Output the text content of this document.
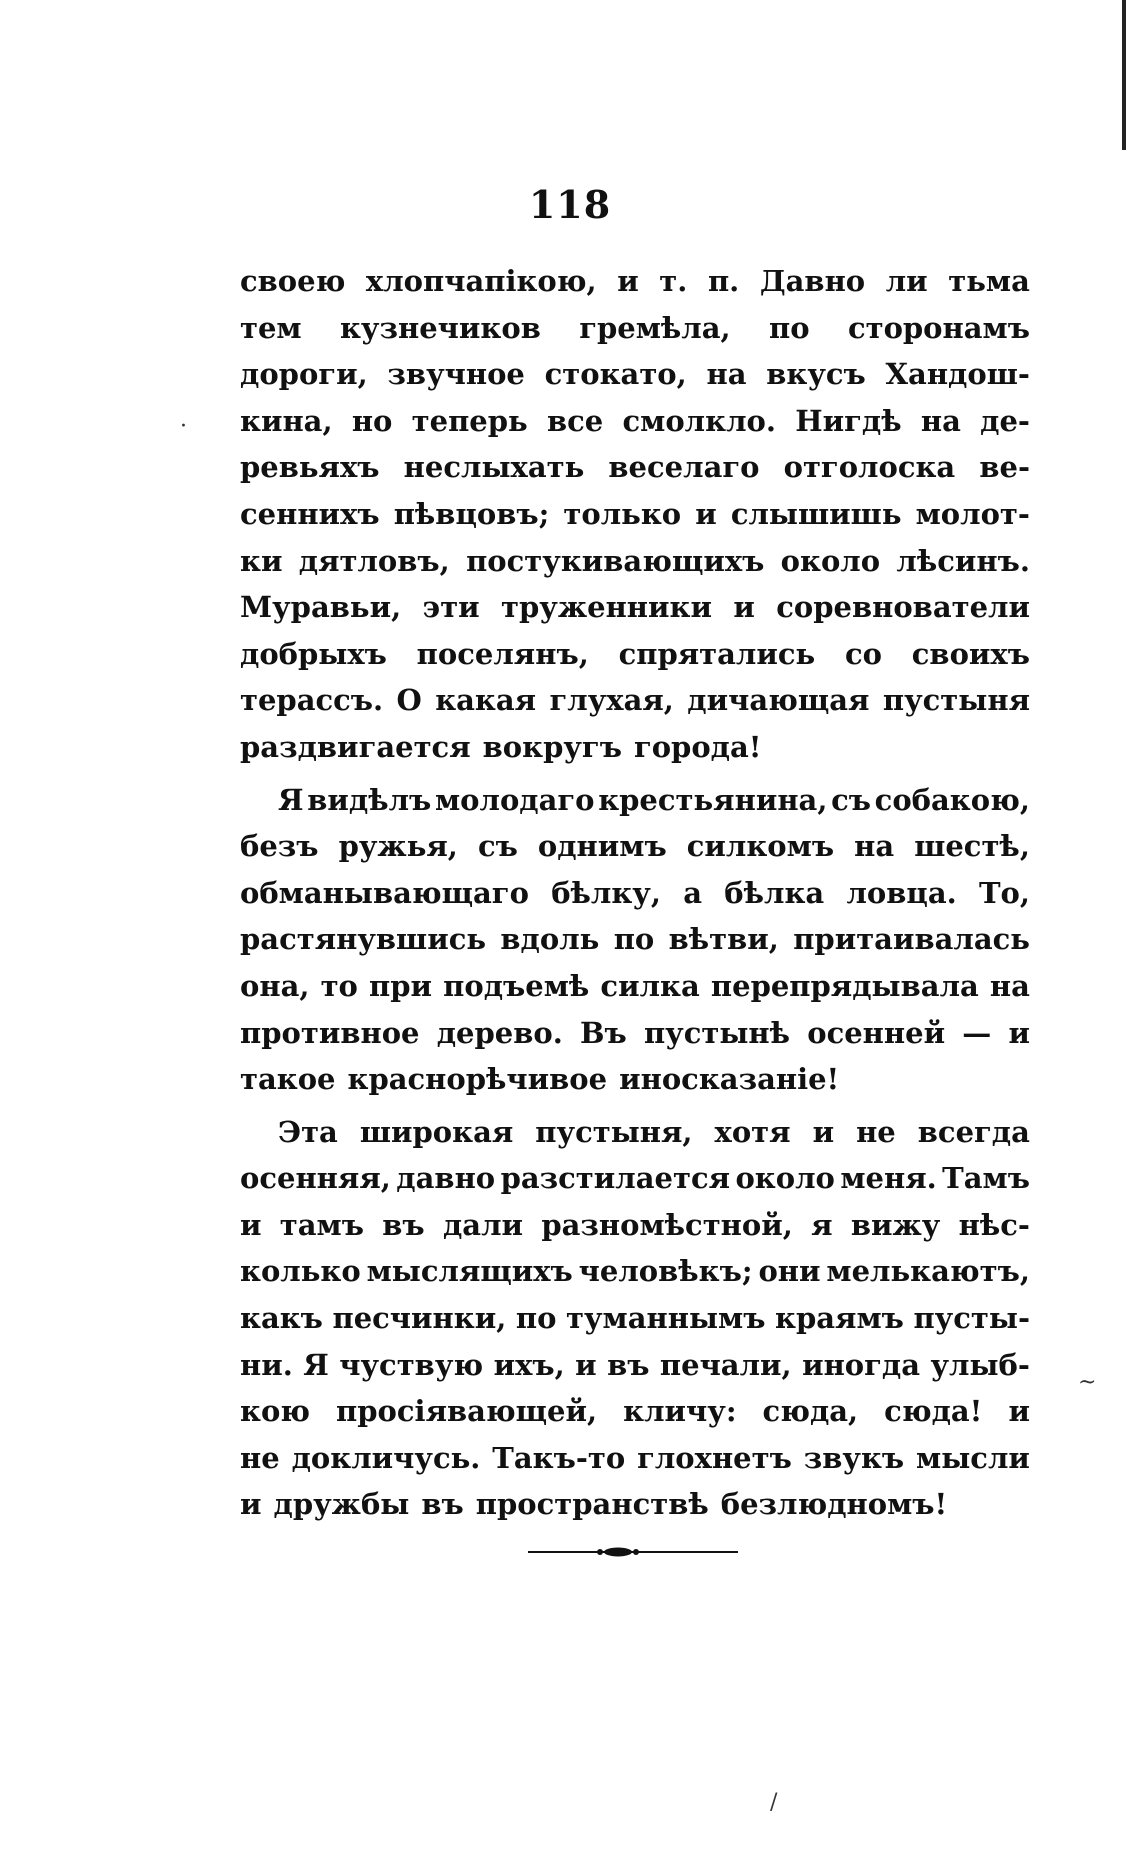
118
своею хлопчапікою, и т. п. Давно ли тьма
тем кузнечиков гремѣла, по сторонамъ
дороги, звучное стокато, на вкусъ Хандош-
кина, но теперь все смолкло. Нигдѣ на де-
ревьяхъ неслыхать веселаго отголоска ве-
сеннихъ пѣвцовъ; только и слышишь молот-
ки дятловъ, постукивающихъ около лѣсинъ.
Муравьи, эти труженники и соревнователи
добрыхъ поселянъ, спрятались со своихъ
терассъ. О какая глухая, дичающая пустыня
раздвигается вокругъ города!
Я видѣлъ молодаго крестьянина, съ собакою,
безъ ружья, съ однимъ силкомъ на шестѣ,
обманывающаго бѣлку, а бѣлка ловца. То,
растянувшись вдоль по вѣтви, притаивалась
она, то при подъемѣ силка перепрядывала на
противное дерево. Въ пустынѣ осенней — и
такое краснорѣчивое иносказаніе!
Эта широкая пустыня, хотя и не всегда
осенняя, давно разстилается около меня. Тамъ
и тамъ въ дали разномѣстной, я вижу нѣс-
колько мыслящихъ человѣкъ; они мелькаютъ,
какъ песчинки, по туманнымъ краямъ пусты-
ни. Я чуствую ихъ, и въ печали, иногда улыб-
кою просіявающей, кличу: сюда, сюда! и
не докличусь. Такъ-то глохнетъ звукъ мысли
и дружбы въ пространствѣ безлюдномъ!
·
~
/
